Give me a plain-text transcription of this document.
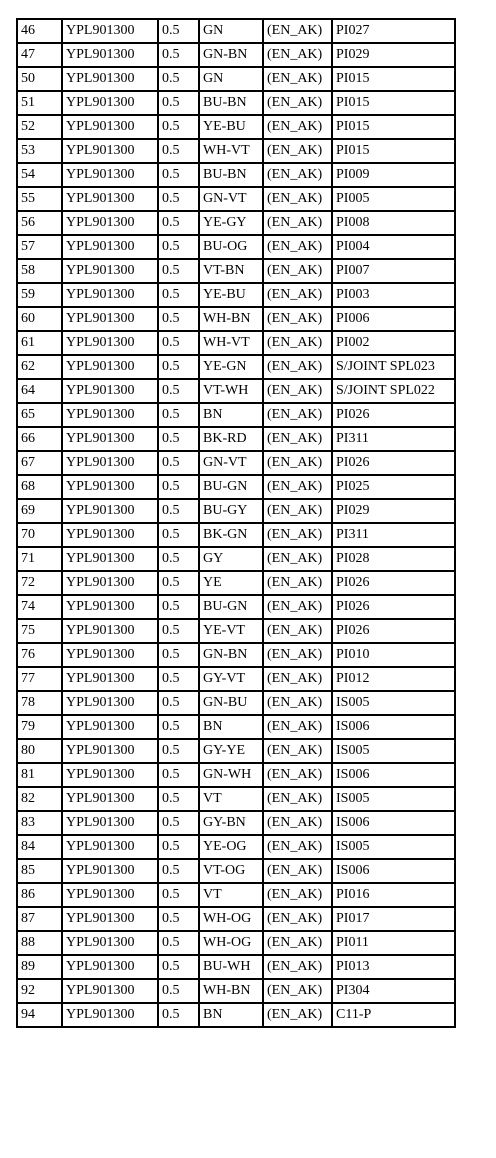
46	YPL901300	0.5	GN	(EN_AK)	PI027
47	YPL901300	0.5	GN-BN	(EN_AK)	PI029
50	YPL901300	0.5	GN	(EN_AK)	PI015
51	YPL901300	0.5	BU-BN	(EN_AK)	PI015
52	YPL901300	0.5	YE-BU	(EN_AK)	PI015
53	YPL901300	0.5	WH-VT	(EN_AK)	PI015
54	YPL901300	0.5	BU-BN	(EN_AK)	PI009
55	YPL901300	0.5	GN-VT	(EN_AK)	PI005
56	YPL901300	0.5	YE-GY	(EN_AK)	PI008
57	YPL901300	0.5	BU-OG	(EN_AK)	PI004
58	YPL901300	0.5	VT-BN	(EN_AK)	PI007
59	YPL901300	0.5	YE-BU	(EN_AK)	PI003
60	YPL901300	0.5	WH-BN	(EN_AK)	PI006
61	YPL901300	0.5	WH-VT	(EN_AK)	PI002
62	YPL901300	0.5	YE-GN	(EN_AK)	S/JOINT SPL023
64	YPL901300	0.5	VT-WH	(EN_AK)	S/JOINT SPL022
65	YPL901300	0.5	BN	(EN_AK)	PI026
66	YPL901300	0.5	BK-RD	(EN_AK)	PI311
67	YPL901300	0.5	GN-VT	(EN_AK)	PI026
68	YPL901300	0.5	BU-GN	(EN_AK)	PI025
69	YPL901300	0.5	BU-GY	(EN_AK)	PI029
70	YPL901300	0.5	BK-GN	(EN_AK)	PI311
71	YPL901300	0.5	GY	(EN_AK)	PI028
72	YPL901300	0.5	YE	(EN_AK)	PI026
74	YPL901300	0.5	BU-GN	(EN_AK)	PI026
75	YPL901300	0.5	YE-VT	(EN_AK)	PI026
76	YPL901300	0.5	GN-BN	(EN_AK)	PI010
77	YPL901300	0.5	GY-VT	(EN_AK)	PI012
78	YPL901300	0.5	GN-BU	(EN_AK)	IS005
79	YPL901300	0.5	BN	(EN_AK)	IS006
80	YPL901300	0.5	GY-YE	(EN_AK)	IS005
81	YPL901300	0.5	GN-WH	(EN_AK)	IS006
82	YPL901300	0.5	VT	(EN_AK)	IS005
83	YPL901300	0.5	GY-BN	(EN_AK)	IS006
84	YPL901300	0.5	YE-OG	(EN_AK)	IS005
85	YPL901300	0.5	VT-OG	(EN_AK)	IS006
86	YPL901300	0.5	VT	(EN_AK)	PI016
87	YPL901300	0.5	WH-OG	(EN_AK)	PI017
88	YPL901300	0.5	WH-OG	(EN_AK)	PI011
89	YPL901300	0.5	BU-WH	(EN_AK)	PI013
92	YPL901300	0.5	WH-BN	(EN_AK)	PI304
94	YPL901300	0.5	BN	(EN_AK)	C11-P
